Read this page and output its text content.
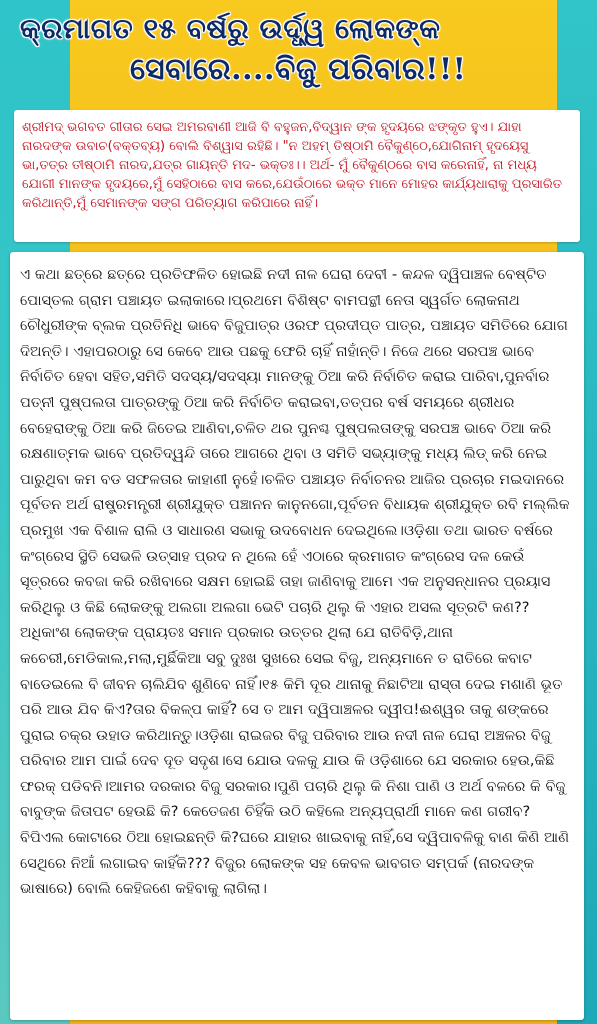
କ୍ରମାଗତ ୧୫ ବର୍ଷରୁ ଉର୍ଦ୍ଧ୍ୱ ଲୋକଙ୍କ
ସେବାରେ....ବିଜୁ ପରିବାର!!!

ଶ୍ରୀମଦ୍ ଭଗବତ ଗୀତାର ସେଇ ଅମରବାଣୀ ଆଜି ବି ବହୁଜନ,ବିଦ୍ୱାନ ଙ୍କ ହୃଦୟରେ ଝଙ୍କୃତ ହୁଏ। ଯାହା ନାରଦଙ୍କ ଉବାଚ(ବକ୍ତବ୍ୟ) ବୋଲି ବିଶ୍ୱାସ ରହିଛି। "ନ ଅହମ୍ ତିଷ୍ଠାମି ବୈକୁଣ୍ଠେ,ଯୋଗିନାମ୍ ହୃଦୟେସୁ ଭା,ତତ୍ର ତୀଷ୍ଠାମି ନାରଦ,ଯତ୍ର ଗାୟନ୍ତି ମଦ- ଭକ୍ତଃ।। ଅର୍ଥ- ମୁଁ ବୈକୁଣ୍ଠରେ ବାସ କରେନାହିଁ, ନା ମଧ୍ୟ ଯୋଗୀ ମାନଙ୍କ ହୃଦୟରେ,ମୁଁ ସେହିଠାରେ ବାସ କରେ,ଯେଉଁଠାରେ ଭକ୍ତ ମାନେ ମୋହର କାର୍ଯ୍ୟଧାରାକୁ ପ୍ରସାରିତ କରିଥାନ୍ତି,ମୁଁ ସେମାନଙ୍କ ସଙ୍ଗ ପରିତ୍ୟାଗ କରିପାରେ ନାହିଁ।

ଏ କଥା ଛତ୍ରେ ଛତ୍ରେ ପ୍ରତିଫଳିତ ହୋଇଛି ନଦୀ ନାଳ ଘେରା ଦେବୀ - କନ୍ଦଳ ଦ୍ୱିପାଞ୍ଚଳ ବେଷ୍ଟିତ ପୋସ୍ତଲ ଗ୍ରାମ ପଞ୍ଚାୟତ ଇଲାକାରେ।ପ୍ରଥମେ ବିଶିଷ୍ଟ ବାମପନ୍ଥୀ ନେତା ସ୍ୱର୍ଗତ ଲୋକନାଥ ଚୌଧୁରୀଙ୍କ ବ୍ଲକ ପ୍ରତିନିଧି ଭାବେ ବିଜୁପାତ୍ର ଓରଫ ପ୍ରଦୀପ୍ତ ପାତ୍ର, ପଞ୍ଚାୟତ ସମିତିରେ ଯୋଗ ଦିଅନ୍ତି। ଏହାପରଠାରୁ ସେ କେବେ ଆଉ ପଛକୁ ଫେରି ଚାହିଁ ନାହାଁନ୍ତି। ନିଜେ ଥରେ ସରପଞ୍ଚ ଭାବେ ନିର୍ବାଚିତ ହେବା ସହିତ,ସମିତି ସଦସ୍ୟ/ସଦସ୍ୟା ମାନଙ୍କୁ ଠିଆ କରି ନିର୍ବାଚିତ କରାଇ ପାରିବା,ପୁନର୍ବାର ପତ୍ନୀ ପୁଷ୍ପଲତା ପାତ୍ରଙ୍କୁ ଠିଆ କରି ନିର୍ବାଚିତ କରାଇବା,ତତ୍ପର ବର୍ଷ ସମୟରେ ଶ୍ରୀଧର ବେହେରାଙ୍କୁ ଠିଆ କରି ଜିତେଇ ଆଣିବା,ଚଳିତ ଥର ପୁନଶ୍ଚ ପୁଷ୍ପଲତାଙ୍କୁ ସରପଞ୍ଚ ଭାବେ ଠିଆ କରି ରକ୍ଷଣାତ୍ମକ ଭାବେ ପ୍ରତିଦ୍ୱନ୍ଦି ତାରେ ଆଗରେ ଥିବା ଓ ସମିତି ସଭ୍ୟାଙ୍କୁ ମଧ୍ୟ ଲିଡ୍ କରି ନେଇ ପାରୁଥିବା କମ ବଡ ସଫଳତାର କାହାଣୀ ନୁହେଁ।ଚଳିତ ପଞ୍ଚାୟତ ନିର୍ବାଚନର ଆଜିର ପ୍ରଚାର ମଇଦାନରେ ପୂର୍ବତନ ଅର୍ଥ ରାଷ୍ଟ୍ରମନ୍ତ୍ରୀ ଶ୍ରୀଯୁକ୍ତ ପଞ୍ଚାନନ କାନୁନଗୋ,ପୂର୍ବତନ ବିଧାୟକ ଶ୍ରୀଯୁକ୍ତ ରବି ମଲ୍ଲିକ ପ୍ରମୁଖ ଏକ ବିଶାଳ ରାଲି ଓ ସାଧାରଣ ସଭାକୁ ଉଦବୋଧନ ଦେଇଥିଲେ।ଓଡ଼ିଶା ତଥା ଭାରତ ବର୍ଷରେ କଂଗ୍ରେସ ସ୍ଥିତି ସେଭଳି ଉତ୍ସାହ ପ୍ରଦ ନ ଥିଲେ ହେଁ ଏଠାରେ କ୍ରମାଗତ କଂଗ୍ରେସ ଦଳ କେଉଁ ସୂତ୍ରରେ କବଜା କରି ରଖିବାରେ ସକ୍ଷମ ହୋଇଛି ତାହା ଜାଣିବାକୁ ଆମେ ଏକ ଅନୁସନ୍ଧାନର ପ୍ରୟାସ କରିଥିଲୁ ଓ କିଛି ଲୋକଙ୍କୁ ଅଲଗା ଅଲଗା ଭେଟି ପଚାରି ଥିଲୁ କି ଏହାର ଅସଲ ସୂତ୍ରଟି କଣ??ଅଧିକାଂଶ ଲୋକଙ୍କ ପ୍ରାୟତଃ ସମାନ ପ୍ରକାର ଉତ୍ତର ଥିଲା ଯେ ରାତିବିଡ଼ି,ଥାନା କଚେରୀ,ମେଡିକାଲ,ମଲା,ମୁର୍ଛିକିଆ ସବୁ ଦୁଃଖ ସୁଖରେ ସେଇ ବିଜୁ, ଅନ୍ୟମାନେ ତ ରାତିରେ କବାଟ ବାଡେଇଲେ ବି ଜୀବନ ଚାଲିଯିବ ଶୁଣିବେ ନାହିଁ।୧୫ କିମି ଦୂର ଥାନାକୁ ନିଛାଟିଆ ରାସ୍ତା ଦେଇ ମଶାଣି ଭୂତ ପରି ଆଉ ଯିବ କିଏ?ତାର ବିକଳ୍ପ କାହିଁ? ସେ ତ ଆମ ଦ୍ୱିପାଞ୍ଚଳର ଦ୍ୱୀପ!ଈଶ୍ୱର ତାକୁ ଶଙ୍କରେ ପୁରାଇ ଚକ୍ର ଉହାଡ କରିଥାନ୍ତୁ।ଓଡ଼ିଶା ରାଇଜର ବିଜୁ ପରିବାର ଆଉ ନଦୀ ନାଳ ଘେରା ଅଞ୍ଚଳର ବିଜୁ ପରିବାର ଆମ ପାଇଁ ଦେବ ଦୂତ ସଦୃଶ।ସେ ଯୋଉ ଦଳକୁ ଯାଉ କି ଓଡ଼ିଶାରେ ଯେ ସରକାର ହେଉ,କିଛି ଫରକ୍ ପଡିବନି।ଆମର ଦରକାର ବିଜୁ ସରକାର।ପୁଣି ପଚାରି ଥିଲୁ କି ନିଶା ପାଣି ଓ ଅର୍ଥ ବଳରେ କି ବିଜୁ ବାବୁଙ୍କ ଜିତାପଟ ହେଉଛି କି? କେତେଜଣ ଚିହିଁକି ଉଠି କହିଲେ ଅନ୍ୟପ୍ରାର୍ଥୀ ମାନେ କଣ ଗରୀବ? ବିପିଏଲ କୋଟାରେ ଠିଆ ହୋଇଛନ୍ତି କି?ଘରେ ଯାହାର ଖାଇବାକୁ ନାହିଁ,ସେ ଦ୍ୱିପାବଳିକୁ ବାଣ କିଣି ଆଣି ସେଥିରେ ନିଆଁ ଲଗାଇବ କାହିଁକି??? ବିଜୁର ଲୋକଙ୍କ ସହ କେବଳ ଭାବଗତ ସମ୍ପର୍କ (ନାରଦଙ୍କ ଭାଷାରେ) ବୋଲି କେହିଜଣେ କହିବାକୁ ଲାଗିଲା।
